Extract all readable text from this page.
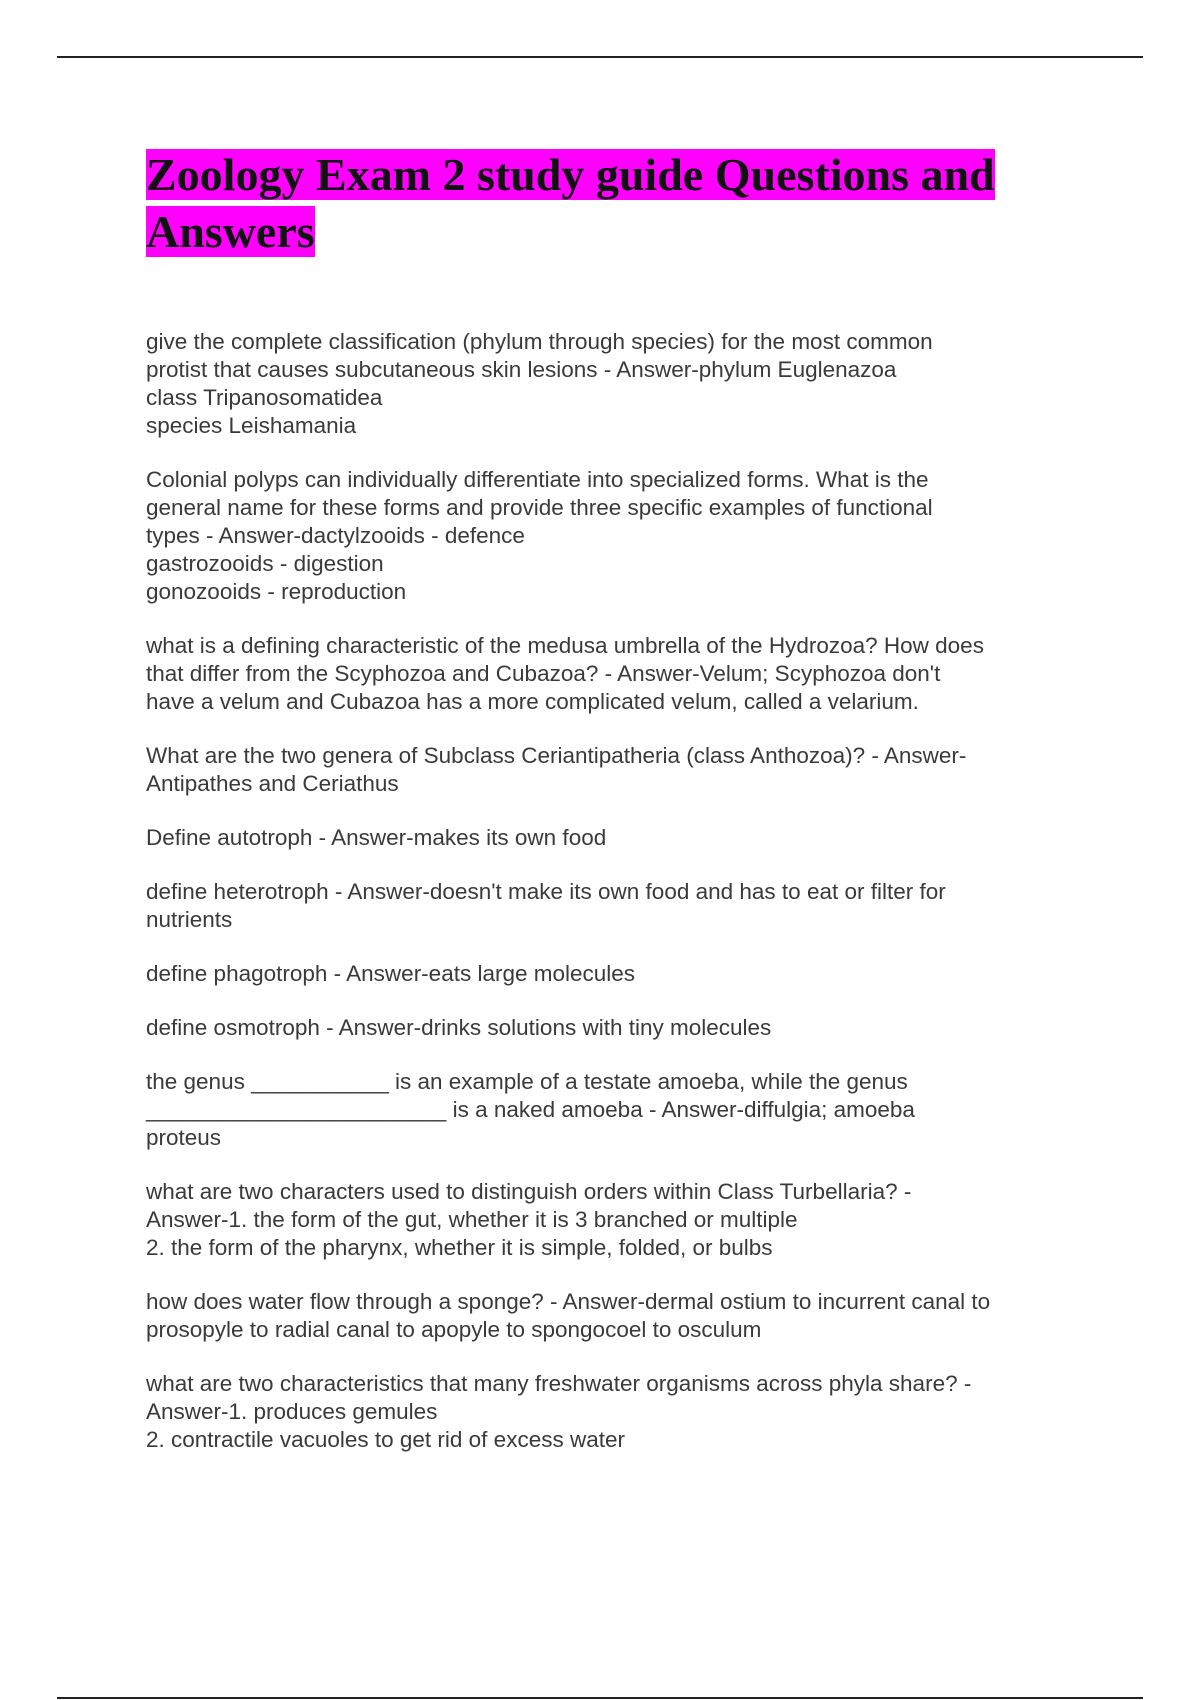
Zoology Exam 2 study guide Questions and
Answers

give the complete classification (phylum through species) for the most common
protist that causes subcutaneous skin lesions - Answer-phylum Euglenazoa
class Tripanosomatidea
species Leishamania

Colonial polyps can individually differentiate into specialized forms. What is the
general name for these forms and provide three specific examples of functional
types - Answer-dactylzooids - defence
gastrozooids - digestion
gonozooids - reproduction

what is a defining characteristic of the medusa umbrella of the Hydrozoa? How does
that differ from the Scyphozoa and Cubazoa? - Answer-Velum; Scyphozoa don't
have a velum and Cubazoa has a more complicated velum, called a velarium.

What are the two genera of Subclass Ceriantipatheria (class Anthozoa)? - Answer-
Antipathes and Ceriathus

Define autotroph - Answer-makes its own food

define heterotroph - Answer-doesn't make its own food and has to eat or filter for
nutrients

define phagotroph - Answer-eats large molecules

define osmotroph - Answer-drinks solutions with tiny molecules

the genus ___________ is an example of a testate amoeba, while the genus
________________________ is a naked amoeba - Answer-diffulgia; amoeba
proteus

what are two characters used to distinguish orders within Class Turbellaria? -
Answer-1. the form of the gut, whether it is 3 branched or multiple
2. the form of the pharynx, whether it is simple, folded, or bulbs

how does water flow through a sponge? - Answer-dermal ostium to incurrent canal to
prosopyle to radial canal to apopyle to spongocoel to osculum

what are two characteristics that many freshwater organisms across phyla share? -
Answer-1. produces gemules
2. contractile vacuoles to get rid of excess water
